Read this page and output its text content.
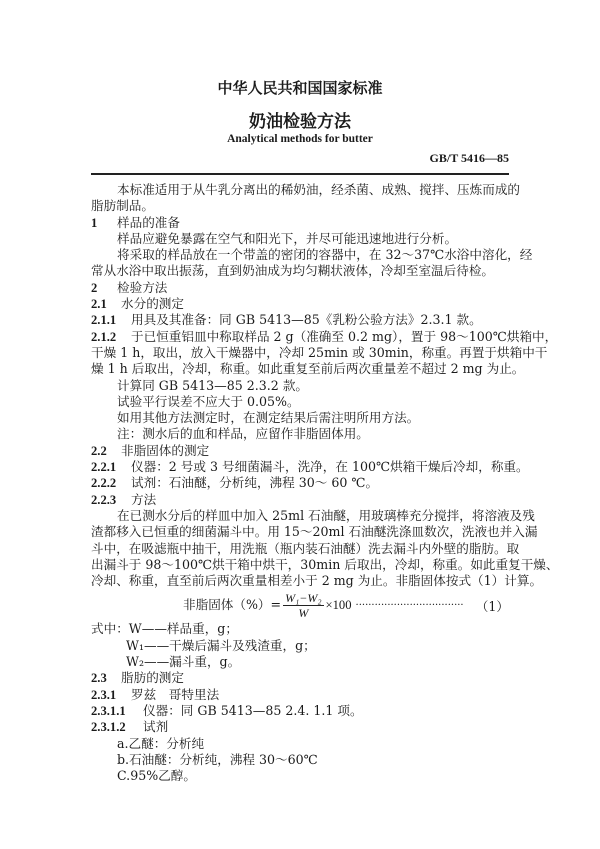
中华人民共和国国家标准
奶油检验方法
Analytical methods for butter
GB/T 5416—85
本标准适用于从牛乳分离出的稀奶油，经杀菌、成熟、搅拌、压炼而成的
脂肪制品。
1 样品的准备
样品应避免暴露在空气和阳光下，并尽可能迅速地进行分析。
将采取的样品放在一个带盖的密闭的容器中，在 32～37℃水浴中溶化，经
常从水浴中取出振荡，直到奶油成为均匀糊状液体，冷却至室温后待检。
2 检验方法
2.1 水分的测定
2.1.1 用具及其准备：同 GB 5413—85《乳粉公验方法》2.3.1 款。
2.1.2 于已恒重铝皿中称取样品 2 g（准确至 0.2 mg），置于 98～100℃烘箱中，
干燥 1 h，取出，放入干燥器中，冷却 25min 或 30min，称重。再置于烘箱中干
燥 1 h 后取出，冷却，称重。如此重复至前后两次重量差不超过 2 mg 为止。
计算同 GB 5413—85 2.3.2 款。
试验平行误差不应大于 0.05%。
如用其他方法测定时，在测定结果后需注明所用方法。
注：测水后的血和样品，应留作非脂固体用。
2.2 非脂固体的测定
2.2.1 仪器：2 号或 3 号细菌漏斗，洗净，在 100℃烘箱干燥后冷却，称重。
2.2.2 试剂：石油醚，分析纯，沸程 30～ 60 ℃。
2.2.3 方法
在已测水分后的样皿中加入 25ml 石油醚，用玻璃棒充分搅拌，将溶液及残
渣都移入已恒重的细菌漏斗中。用 15～20ml 石油醚洗涤皿数次，洗液也并入漏
斗中，在吸滤瓶中抽干，用洗瓶（瓶内装石油醚）洗去漏斗内外壁的脂肪。取
出漏斗于 98～100℃烘干箱中烘干，30min 后取出，冷却，称重。如此重复干燥、
冷却、称重，直至前后两次重量相差小于 2 mg 为止。非脂固体按式（1）计算。
非脂固体（%）= $\frac{\text{W₁−W₂}}{W} \times 100$ ·································· （1）
式中：W——样品重，g；
W₁——干燥后漏斗及残渣重，g；
W₂——漏斗重，g。
2.3 脂肪的测定
2.3.1 罗兹　哥特里法
2.3.1.1 仪器：同 GB 5413—85 2.4. 1.1 项。
2.3.1.2 试剂
a.乙醚：分析纯
b.石油醚：分析纯，沸程 30～60℃
C.95%乙醇。
